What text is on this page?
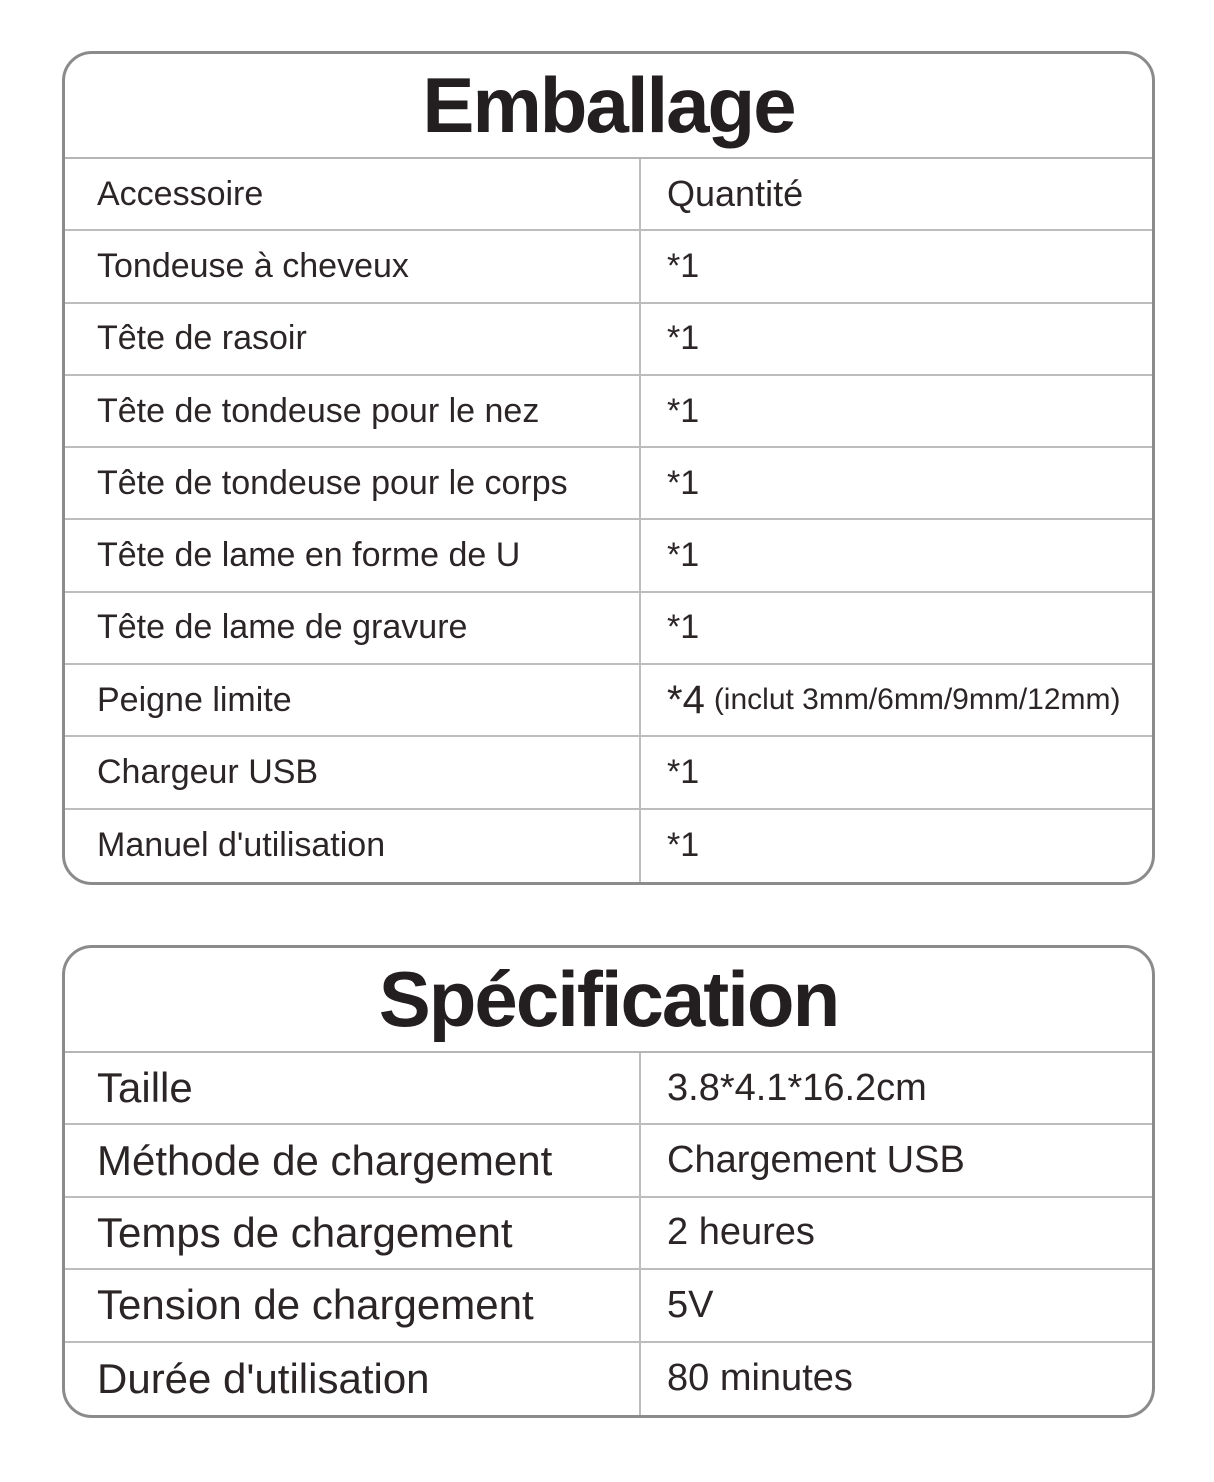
Emballage
Accessoire	Quantité
Tondeuse à cheveux	*1
Tête de rasoir	*1
Tête de tondeuse pour le nez	*1
Tête de tondeuse pour le corps	*1
Tête de lame en forme de U	*1
Tête de lame de gravure	*1
Peigne limite	*4 (inclut 3mm/6mm/9mm/12mm)
Chargeur USB	*1
Manuel d'utilisation	*1
Spécification
Taille	3.8*4.1*16.2cm
Méthode de chargement	Chargement USB
Temps de chargement	2 heures
Tension de chargement	5V
Durée d'utilisation	80 minutes
